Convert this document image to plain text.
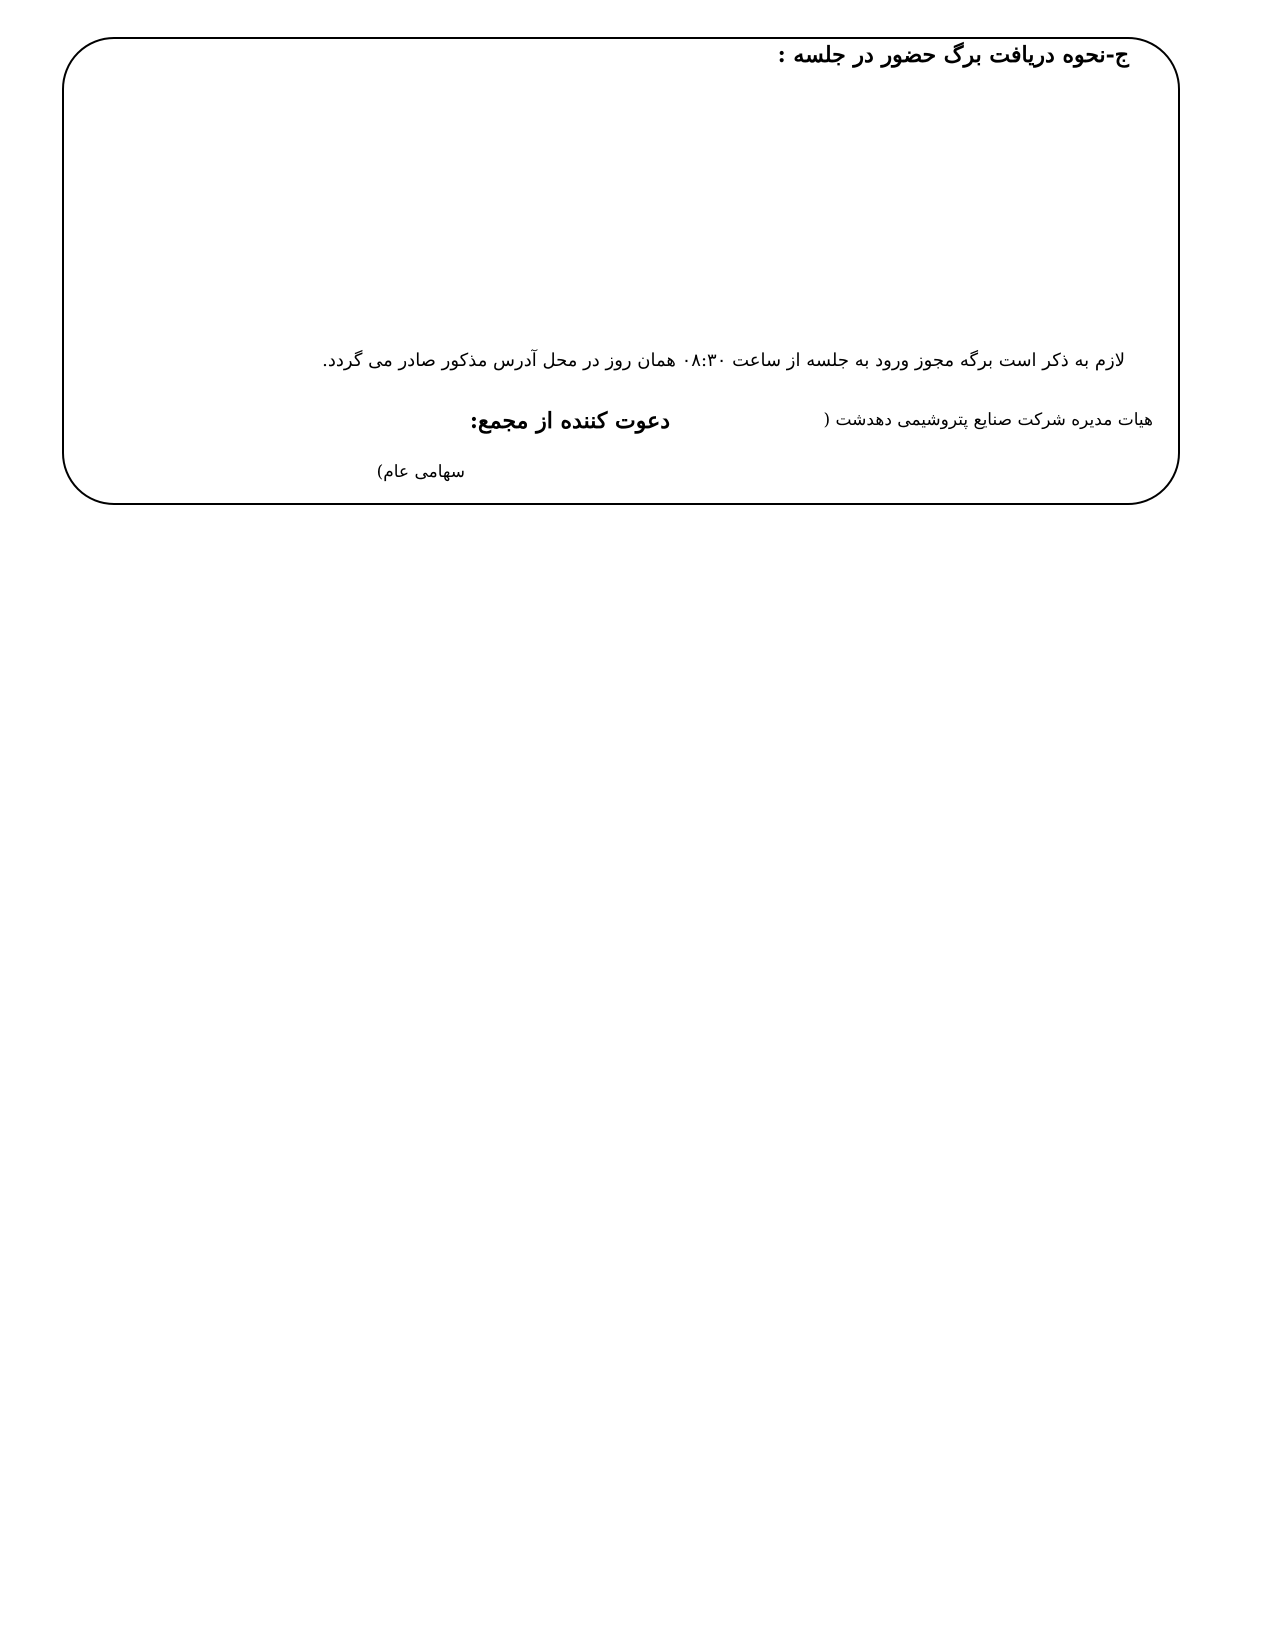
ج-نحوه دریافت برگ حضور در جلسه :
لازم به ذکر است برگه مجوز ورود به جلسه از ساعت ۰۸:۳۰ همان روز در محل آدرس مذکور صادر می گردد.
دعوت کننده از مجمع:	هیات مدیره شرکت صنایع پتروشیمی دهدشت (
سهامی عام)
